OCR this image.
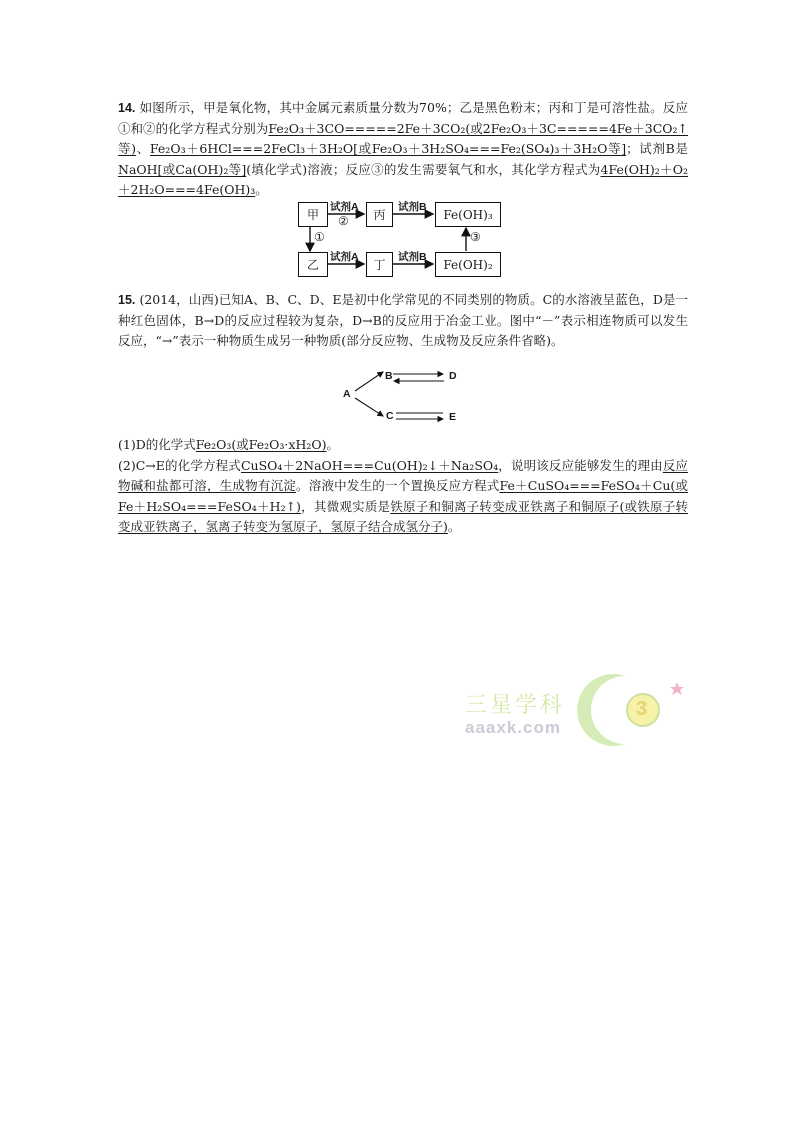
14. 如图所示，甲是氧化物，其中金属元素质量分数为70%；乙是黑色粉末；丙和丁是可溶性盐。反应①和②的化学方程式分别为Fe₂O₃＋3CO=====2Fe＋3CO₂(或2Fe₂O₃＋3C=====4Fe＋3CO₂↑等)、Fe₂O₃＋6HCl===2FeCl₃＋3H₂O[或Fe₂O₃＋3H₂SO₄===Fe₂(SO₄)₃＋3H₂O等]；试剂B是NaOH[或Ca(OH)₂等](填化学式)溶液；反应③的发生需要氧气和水，其化学方程式为4Fe(OH)₂＋O₂＋2H₂O===4Fe(OH)₃。

甲	丙	Fe(OH)₃
乙	丁	Fe(OH)₂
试剂A	试剂B
试剂A	试剂B
②
①	③

15. (2014，山西)已知A、B、C、D、E是初中化学常见的不同类别的物质。C的水溶液呈蓝色，D是一种红色固体，B→D的反应过程较为复杂，D→B的反应用于冶金工业。图中“－”表示相连物质可以发生反应，“→”表示一种物质生成另一种物质(部分反应物、生成物及反应条件省略)。

A
B
C
D
E

(1)D的化学式Fe₂O₃(或Fe₂O₃·xH₂O)。

(2)C→E的化学方程式CuSO₄＋2NaOH===Cu(OH)₂↓＋Na₂SO₄，说明该反应能够发生的理由反应物碱和盐都可溶，生成物有沉淀。溶液中发生的一个置换反应方程式Fe＋CuSO₄===FeSO₄＋Cu(或Fe＋H₂SO₄===FeSO₄＋H₂↑)，其微观实质是铁原子和铜离子转变成亚铁离子和铜原子(或铁原子转变成亚铁离子，氢离子转变为氢原子，氢原子结合成氢分子)。

3
三星学科
aaaxk.com
